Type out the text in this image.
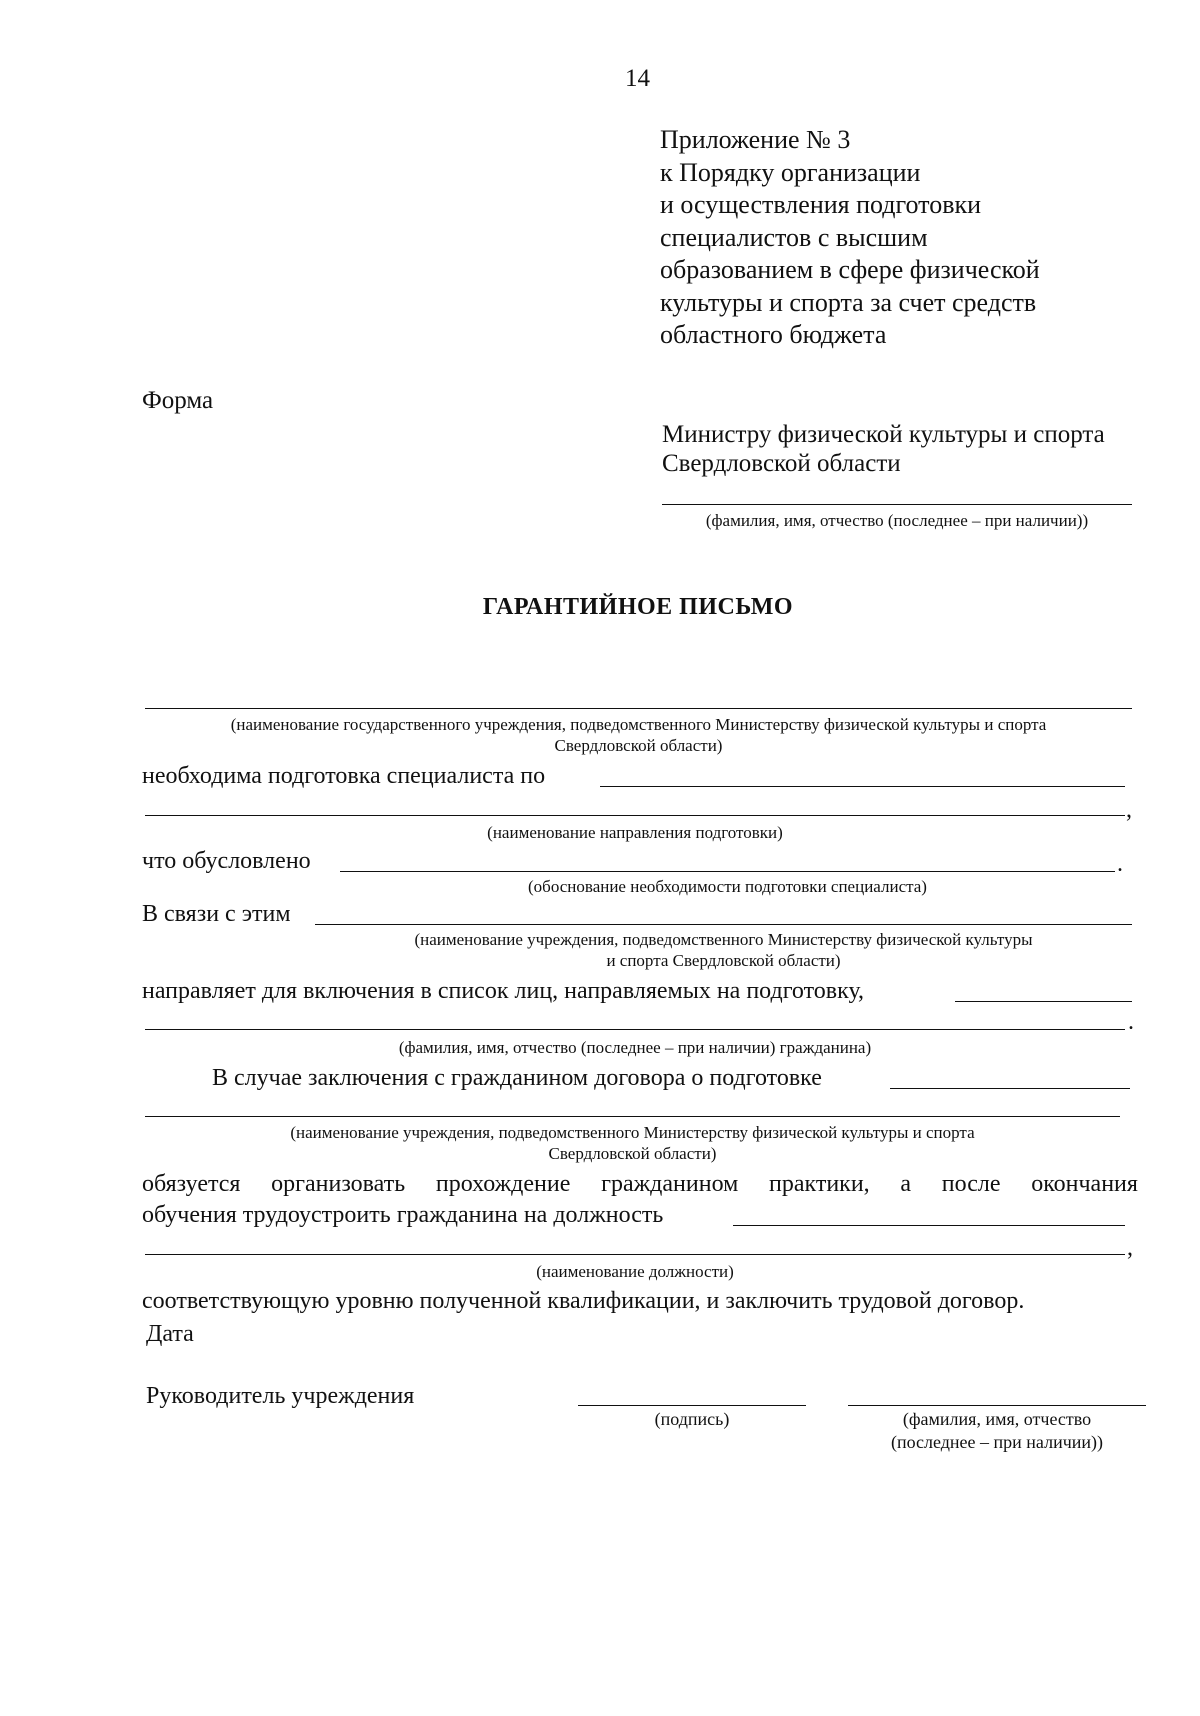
14
Приложение № 3
к Порядку организации
и осуществления подготовки
специалистов с высшим
образованием в сфере физической
культуры и спорта за счет средств
областного бюджета
Форма
Министру физической культуры и спорта
Свердловской области
(фамилия, имя, отчество (последнее – при наличии))
ГАРАНТИЙНОЕ ПИСЬМО
(наименование государственного учреждения, подведомственного Министерству физической культуры и спорта
Свердловской области)
необходима подготовка специалиста по
,
(наименование направления подготовки)
что обусловлено	.
(обоснование необходимости подготовки специалиста)
В связи с этим
(наименование учреждения, подведомственного Министерству физической культуры
и спорта Свердловской области)
направляет для включения в список лиц, направляемых на подготовку,
.
(фамилия, имя, отчество (последнее – при наличии) гражданина)
В случае заключения с гражданином договора о подготовке
(наименование учреждения, подведомственного Министерству физической культуры и спорта
Свердловской области)
обязуется организовать прохождение гражданином практики, а после окончания
обучения трудоустроить гражданина на должность
,
(наименование должности)
соответствующую уровню полученной квалификации, и заключить трудовой договор.
Дата
Руководитель учреждения
(подпись)	(фамилия, имя, отчество
(последнее – при наличии))
